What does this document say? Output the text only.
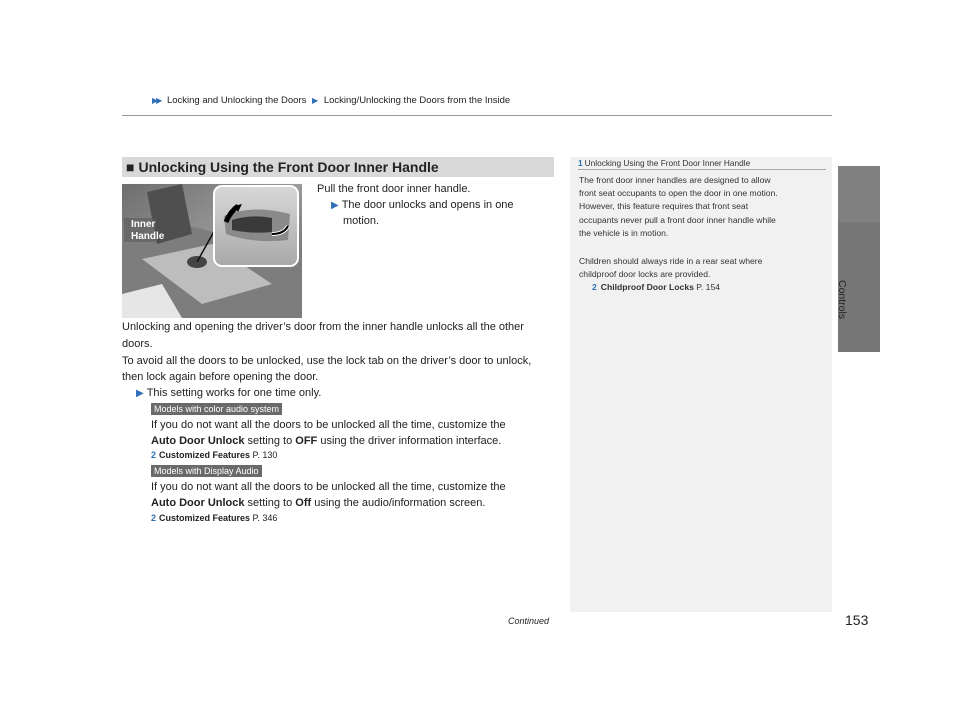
▶▶ Locking and Unlocking the Doors ▶ Locking/Unlocking the Doors from the Inside
Controls
■ Unlocking Using the Front Door Inner Handle
Inner
Handle
Pull the front door inner handle.
▶ The door unlocks and opens in one
motion.
Unlocking and opening the driver’s door from the inner handle unlocks all the other
doors.
To avoid all the doors to be unlocked, use the lock tab on the driver’s door to unlock,
then lock again before opening the door.
▶ This setting works for one time only.
Models with color audio system
If you do not want all the doors to be unlocked all the time, customize the
Auto Door Unlock setting to OFF using the driver information interface.
2 Customized Features P. 130
Models with Display Audio
If you do not want all the doors to be unlocked all the time, customize the
Auto Door Unlock setting to Off using the audio/information screen.
2 Customized Features P. 346
1 Unlocking Using the Front Door Inner Handle
The front door inner handles are designed to allow
front seat occupants to open the door in one motion.
However, this feature requires that front seat
occupants never pull a front door inner handle while
the vehicle is in motion.
Children should always ride in a rear seat where
childproof door locks are provided.
2 Childproof Door Locks P. 154
Continued	153
